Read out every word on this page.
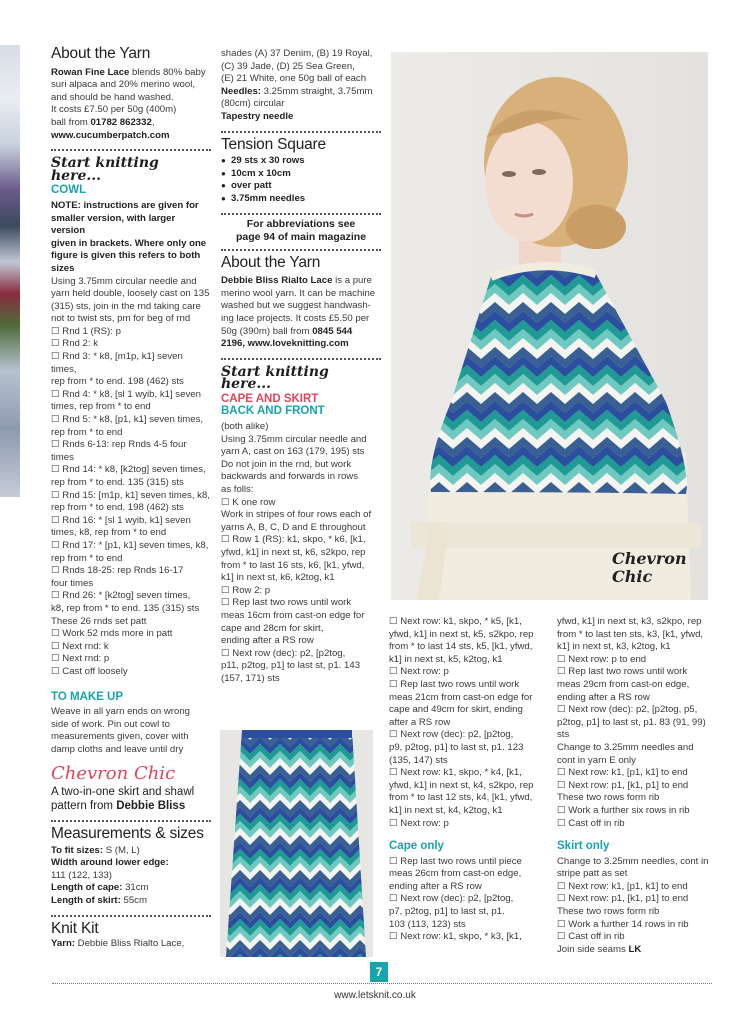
About the Yarn
Rowan Fine Lace blends 80% baby
suri alpaca and 20% merino wool,
and should be hand washed.
It costs £7.50 per 50g (400m)
ball from 01782 862332,
www.cucumberpatch.com
Start knitting here...
COWL
NOTE: instructions are given for
smaller version, with larger version
given in brackets. Where only one
figure is given this refers to both sizes
Using 3.75mm circular needle and
yarn held double, loosely cast on 135
(315) sts, join in the rnd taking care
not to twist sts, pm for beg of rnd
☐ Rnd 1 (RS): p
☐ Rnd 2: k
☐ Rnd 3: * k8, [m1p, k1] seven times,
rep from * to end. 198 (462) sts
☐ Rnd 4: * k8, [sl 1 wyib, k1] seven
times, rep from * to end
☐ Rnd 5: * k8, [p1, k1] seven times,
rep from * to end
☐ Rnds 6-13: rep Rnds 4-5 four times
☐ Rnd 14: * k8, [k2tog] seven times,
rep from * to end. 135 (315) sts
☐ Rnd 15: [m1p, k1] seven times, k8,
rep from * to end. 198 (462) sts
☐ Rnd 16: * [sl 1 wyib, k1] seven
times, k8, rep from * to end
☐ Rnd 17: * [p1, k1] seven times, k8,
rep from * to end
☐ Rnds 18-25: rep Rnds 16-17
four times
☐ Rnd 26: * [k2tog] seven times,
k8, rep from * to end. 135 (315) sts
These 26 rnds set patt
☐ Work 52 rnds more in patt
☐ Next rnd: k
☐ Next rnd: p
☐ Cast off loosely
TO MAKE UP
Weave in all yarn ends on wrong
side of work. Pin out cowl to
measurements given, cover with
damp cloths and leave until dry
Chevron Chic
A two-in-one skirt and shawl
pattern from Debbie Bliss
Measurements & sizes
To fit sizes: S (M, L)
Width around lower edge:
111 (122, 133)
Length of cape: 31cm
Length of skirt: 55cm
Knit Kit
Yarn: Debbie Bliss Rialto Lace,
shades (A) 37 Denim, (B) 19 Royal,
(C) 39 Jade, (D) 25 Sea Green,
(E) 21 White, one 50g ball of each
Needles: 3.25mm straight, 3.75mm
(80cm) circular
Tapestry needle
Tension Square
● 29 sts x 30 rows
● 10cm x 10cm
● over patt
● 3.75mm needles
For abbreviations see
page 94 of main magazine
About the Yarn
Debbie Bliss Rialto Lace is a pure
merino wool yarn. It can be machine
washed but we suggest handwash-
ing lace projects. It costs £5.50 per
50g (390m) ball from 0845 544
2196, www.loveknitting.com
Start knitting here...
CAPE AND SKIRT
BACK AND FRONT
(both alike)
Using 3.75mm circular needle and
yarn A, cast on 163 (179, 195) sts
Do not join in the rnd, but work
backwards and forwards in rows
as folls:
☐ K one row
Work in stripes of four rows each of
yarns A, B, C, D and E throughout
☐ Row 1 (RS): k1, skpo, * k6, [k1,
yfwd, k1] in next st, k6, s2kpo, rep
from * to last 16 sts, k6, [k1, yfwd,
k1] in next st, k6, k2tog, k1
☐ Row 2: p
☐ Rep last two rows until work
meas 16cm from cast-on edge for
cape and 28cm for skirt,
ending after a RS row
☐ Next row (dec): p2, [p2tog,
p11, p2tog, p1] to last st, p1. 143
(157, 171) sts
Chevron
Chic
☐ Next row: k1, skpo, * k5, [k1,
yfwd, k1] in next st, k5, s2kpo, rep
from * to last 14 sts, k5, [k1, yfwd,
k1] in next st, k5, k2tog, k1
☐ Next row: p
☐ Rep last two rows until work
meas 21cm from cast-on edge for
cape and 49cm for skirt, ending
after a RS row
☐ Next row (dec): p2, [p2tog,
p9, p2tog, p1] to last st, p1. 123
(135, 147) sts
☐ Next row: k1, skpo, * k4, [k1,
yfwd, k1] in next st, k4, s2kpo, rep
from * to last 12 sts, k4, [k1, yfwd,
k1] in next st, k4, k2tog, k1
☐ Next row: p
Cape only
☐ Rep last two rows until piece
meas 26cm from cast-on edge,
ending after a RS row
☐ Next row (dec): p2, [p2tog,
p7, p2tog, p1] to last st, p1.
103 (113, 123) sts
☐ Next row: k1, skpo, * k3, [k1,
yfwd, k1] in next st, k3, s2kpo, rep
from * to last ten sts, k3, [k1, yfwd,
k1] in next st, k3, k2tog, k1
☐ Next row: p to end
☐ Rep last two rows until work
meas 29cm from cast-on edge,
ending after a RS row
☐ Next row (dec): p2, [p2tog, p5,
p2tog, p1] to last st, p1. 83 (91, 99) sts
Change to 3.25mm needles and
cont in yarn E only
☐ Next row: k1, [p1, k1] to end
☐ Next row: p1, [k1, p1] to end
These two rows form rib
☐ Work a further six rows in rib
☐ Cast off in rib
Skirt only
Change to 3.25mm needles, cont in
stripe patt as set
☐ Next row: k1, [p1, k1] to end
☐ Next row: p1, [k1, p1] to end
These two rows form rib
☐ Work a further 14 rows in rib
☐ Cast off in rib
Join side seams LK
7
www.letsknit.co.uk
